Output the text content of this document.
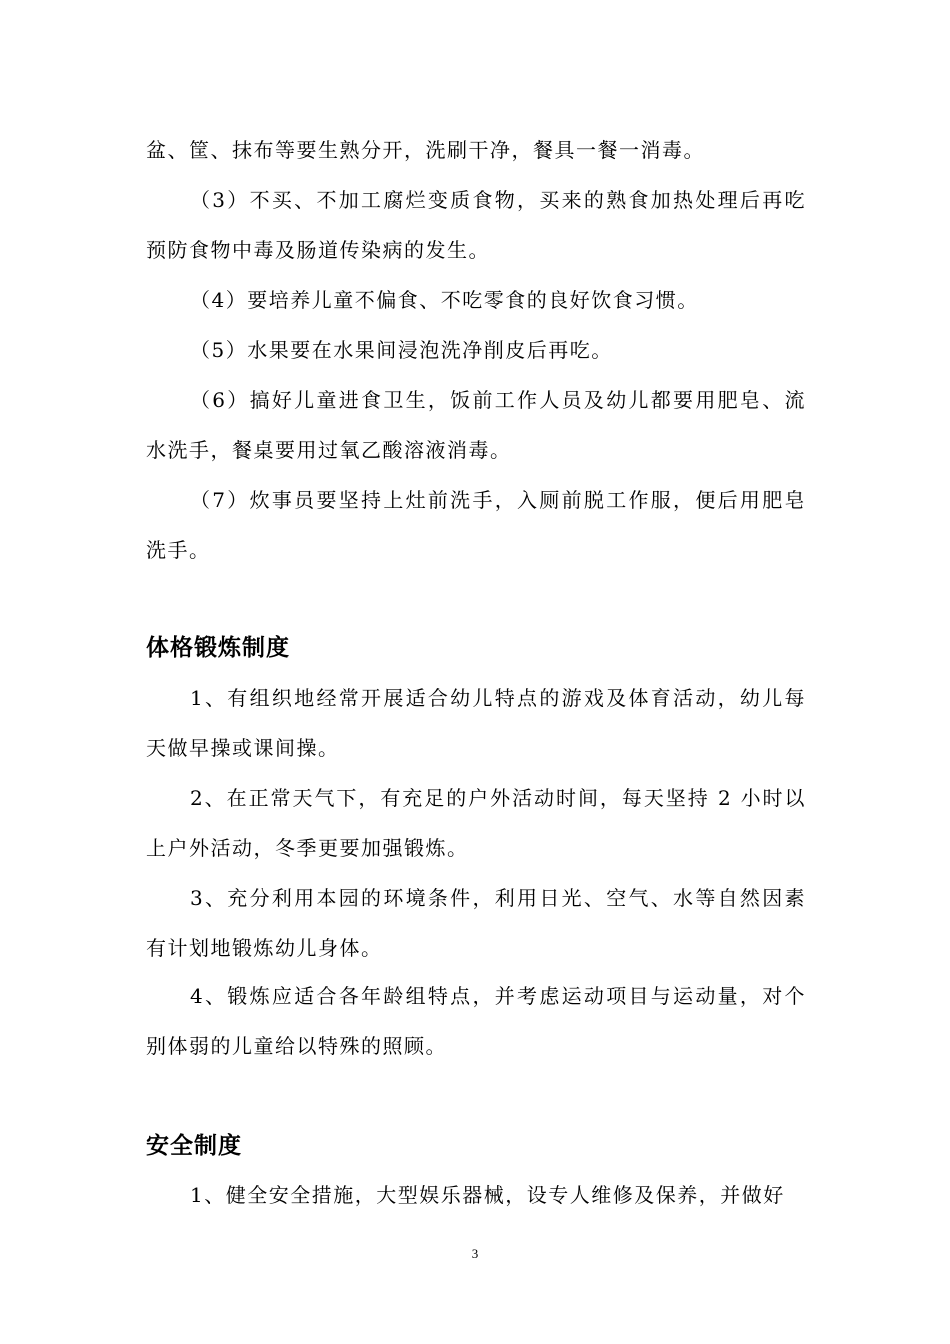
盆、筐、抹布等要生熟分开，洗刷干净，餐具一餐一消毒。

（3）不买、不加工腐烂变质食物，买来的熟食加热处理后再吃预防食物中毒及肠道传染病的发生。

（4）要培养儿童不偏食、不吃零食的良好饮食习惯。

（5）水果要在水果间浸泡洗净削皮后再吃。

（6）搞好儿童进食卫生，饭前工作人员及幼儿都要用肥皂、流水洗手，餐桌要用过氧乙酸溶液消毒。

（7）炊事员要坚持上灶前洗手，入厕前脱工作服，便后用肥皂洗手。

体格锻炼制度

1、有组织地经常开展适合幼儿特点的游戏及体育活动，幼儿每天做早操或课间操。

2、在正常天气下，有充足的户外活动时间，每天坚持 2 小时以上户外活动，冬季更要加强锻炼。

3、充分利用本园的环境条件，利用日光、空气、水等自然因素有计划地锻炼幼儿身体。

4、锻炼应适合各年龄组特点，并考虑运动项目与运动量，对个别体弱的儿童给以特殊的照顾。

安全制度

1、健全安全措施，大型娱乐器械，设专人维修及保养，并做好

3
